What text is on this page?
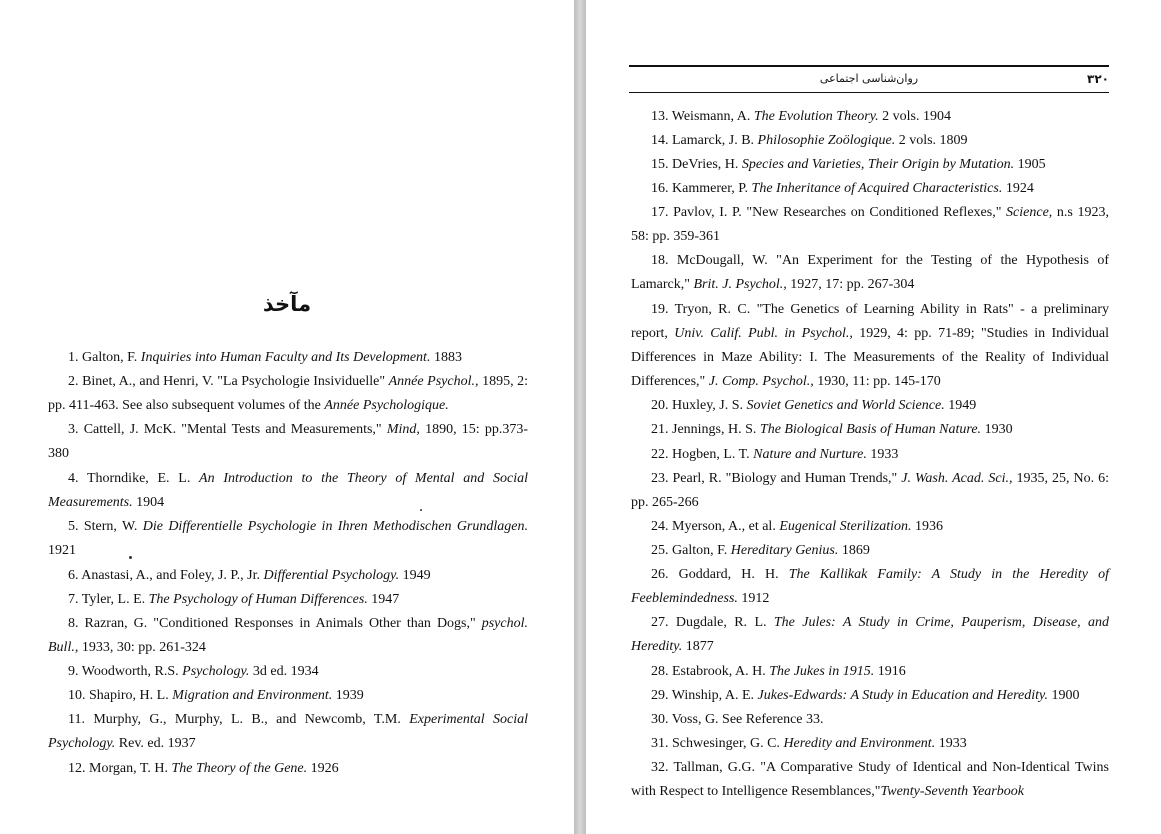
مآخذ
1. Galton, F. Inquiries into Human Faculty and Its Development. 1883
2. Binet, A., and Henri, V. "La Psychologie Insividuelle" Année Psychol., 1895, 2: pp. 411-463. See also subsequent volumes of the Année Psychologique.
3. Cattell, J. McK. "Mental Tests and Measurements," Mind, 1890, 15: pp.373-380
4. Thorndike, E. L. An Introduction to the Theory of Mental and Social Measurements. 1904
5. Stern, W. Die Differentielle Psychologie in Ihren Methodischen Grundlagen. 1921
6. Anastasi, A., and Foley, J. P., Jr. Differential Psychology. 1949
7. Tyler, L. E. The Psychology of Human Differences. 1947
8. Razran, G. "Conditioned Responses in Animals Other than Dogs," psychol. Bull., 1933, 30: pp. 261-324
9. Woodworth, R.S. Psychology. 3d ed. 1934
10. Shapiro, H. L. Migration and Environment. 1939
11. Murphy, G., Murphy, L. B., and Newcomb, T.M. Experimental Social Psychology. Rev. ed. 1937
12. Morgan, T. H. The Theory of the Gene. 1926
13. Weismann, A. The Evolution Theory. 2 vols. 1904
14. Lamarck, J. B. Philosophie Zoölogique. 2 vols. 1809
15. DeVries, H. Species and Varieties, Their Origin by Mutation. 1905
16. Kammerer, P. The Inheritance of Acquired Characteristics. 1924
17. Pavlov, I. P. "New Researches on Conditioned Reflexes," Science, n.s 1923, 58: pp. 359-361
18. McDougall, W. "An Experiment for the Testing of the Hypothesis of Lamarck," Brit. J. Psychol., 1927, 17: pp. 267-304
19. Tryon, R. C. "The Genetics of Learning Ability in Rats" - a preliminary report, Univ. Calif. Publ. in Psychol., 1929, 4: pp. 71-89; "Studies in Individual Differences in Maze Ability: I. The Measurements of the Reality of Individual Differences," J. Comp. Psychol., 1930, 11: pp. 145-170
20. Huxley, J. S. Soviet Genetics and World Science. 1949
21. Jennings, H. S. The Biological Basis of Human Nature. 1930
22. Hogben, L. T. Nature and Nurture. 1933
23. Pearl, R. "Biology and Human Trends," J. Wash. Acad. Sci., 1935, 25, No. 6: pp. 265-266
24. Myerson, A., et al. Eugenical Sterilization. 1936
25. Galton, F. Hereditary Genius. 1869
26. Goddard, H. H. The Kallikak Family: A Study in the Heredity of Feeblemindedness. 1912
27. Dugdale, R. L. The Jules: A Study in Crime, Pauperism, Disease, and Heredity. 1877
28. Estabrook, A. H. The Jukes in 1915. 1916
29. Winship, A. E. Jukes-Edwards: A Study in Education and Heredity. 1900
30. Voss, G. See Reference 33.
31. Schwesinger, G. C. Heredity and Environment. 1933
32. Tallman, G.G. "A Comparative Study of Identical and Non-Identical Twins with Respect to Intelligence Resemblances,"Twenty-Seventh Yearbook
روان‌شناسی اجتماعی	۳۲۰
